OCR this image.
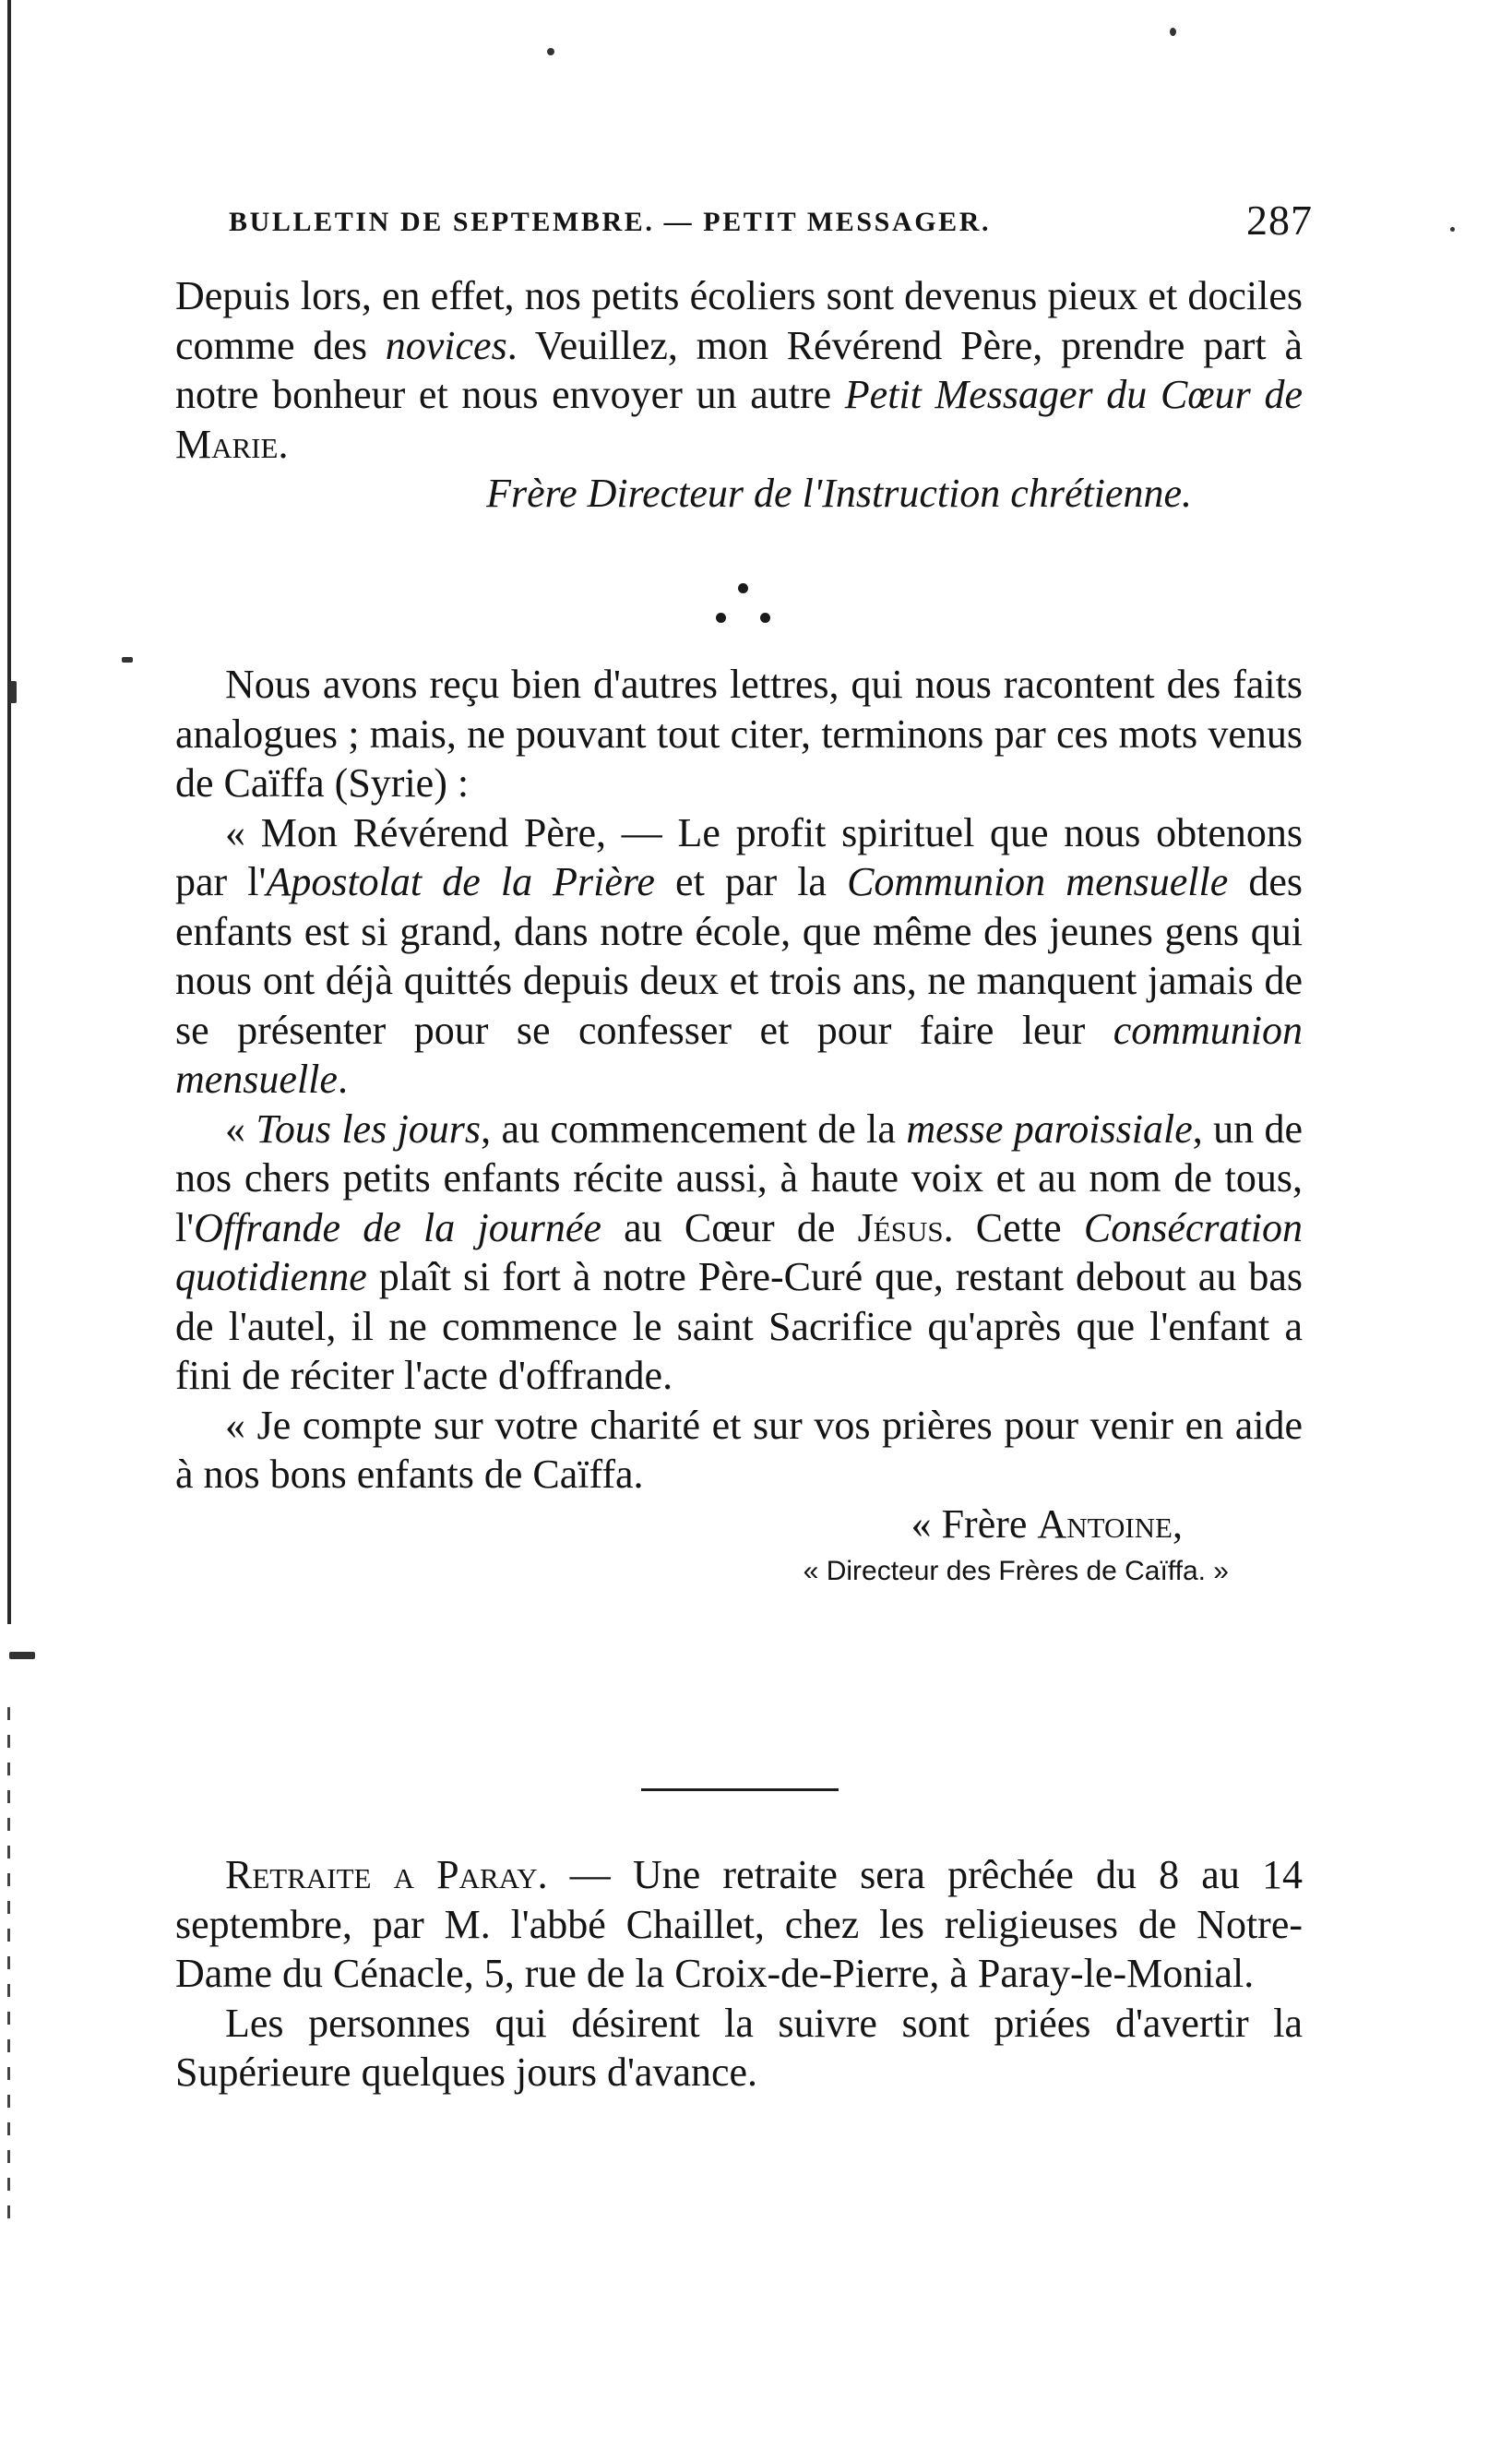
BULLETIN DE SEPTEMBRE. — PETIT MESSAGER.	287

Depuis lors, en effet, nos petits écoliers sont devenus pieux et dociles comme des novices. Veuillez, mon Révérend Père, prendre part à notre bonheur et nous envoyer un autre Petit Messager du Cœur de Marie.

Frère Directeur de l'Instruction chrétienne.

Nous avons reçu bien d'autres lettres, qui nous racontent des faits analogues ; mais, ne pouvant tout citer, terminons par ces mots venus de Caïffa (Syrie) :

« Mon Révérend Père, — Le profit spirituel que nous obtenons par l'Apostolat de la Prière et par la Communion mensuelle des enfants est si grand, dans notre école, que même des jeunes gens qui nous ont déjà quittés depuis deux et trois ans, ne manquent jamais de se présenter pour se confesser et pour faire leur communion mensuelle.

« Tous les jours, au commencement de la messe paroissiale, un de nos chers petits enfants récite aussi, à haute voix et au nom de tous, l'Offrande de la journée au Cœur de Jésus. Cette Consécration quotidienne plaît si fort à notre Père-Curé que, restant debout au bas de l'autel, il ne commence le saint Sacrifice qu'après que l'enfant a fini de réciter l'acte d'offrande.

« Je compte sur votre charité et sur vos prières pour venir en aide à nos bons enfants de Caïffa.

« Frère Antoine,

« Directeur des Frères de Caïffa. »

Retraite a Paray. — Une retraite sera prêchée du 8 au 14 septembre, par M. l'abbé Chaillet, chez les religieuses de Notre-Dame du Cénacle, 5, rue de la Croix-de-Pierre, à Paray-le-Monial.

Les personnes qui désirent la suivre sont priées d'avertir la Supérieure quelques jours d'avance.
